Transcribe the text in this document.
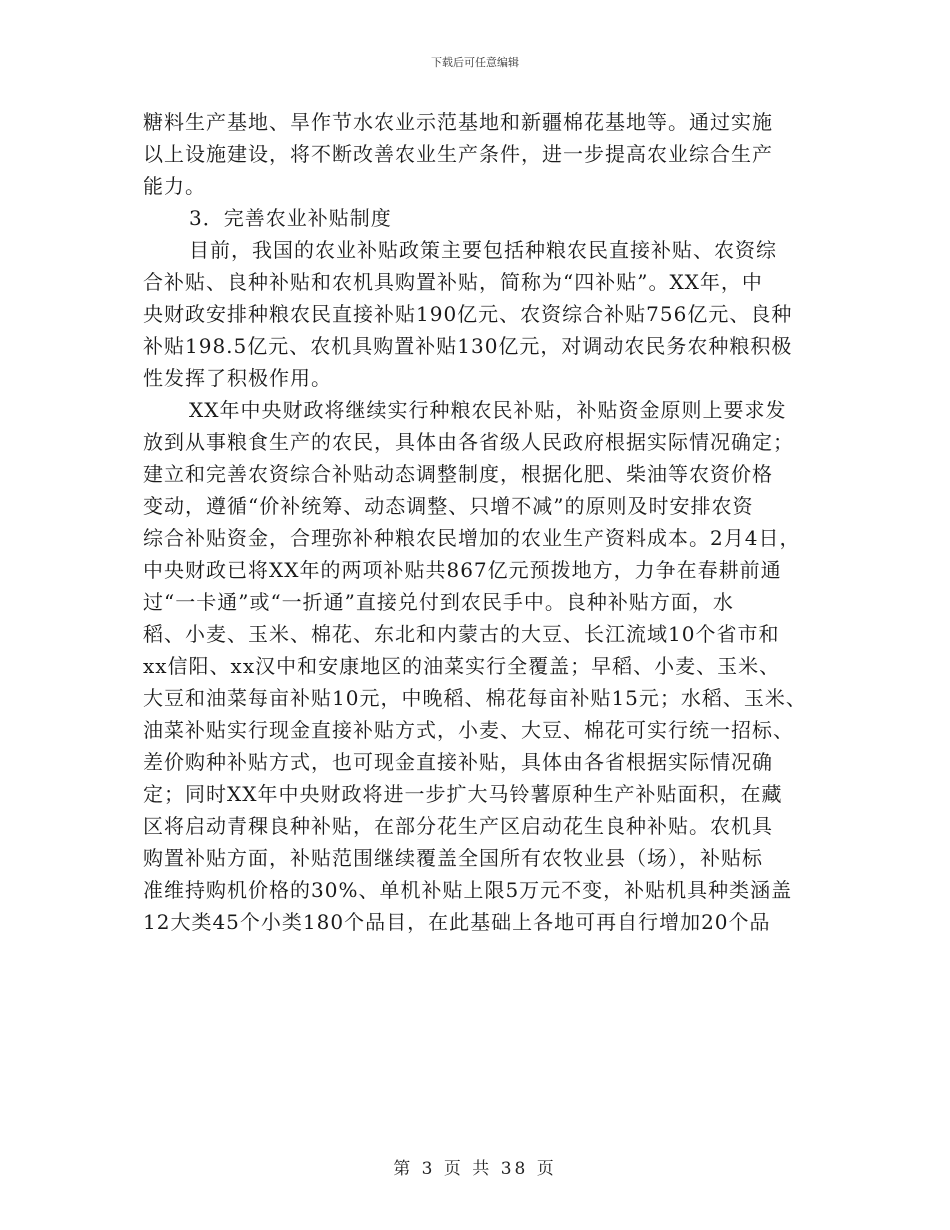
下载后可任意编辑
糖料生产基地、旱作节水农业示范基地和新疆棉花基地等。通过实施
以上设施建设，将不断改善农业生产条件，进一步提高农业综合生产
能力。
3．完善农业补贴制度
目前，我国的农业补贴政策主要包括种粮农民直接补贴、农资综
合补贴、良种补贴和农机具购置补贴，简称为“四补贴”。XX年，中
央财政安排种粮农民直接补贴190亿元、农资综合补贴756亿元、良种
补贴198.5亿元、农机具购置补贴130亿元，对调动农民务农种粮积极
性发挥了积极作用。
XX年中央财政将继续实行种粮农民补贴，补贴资金原则上要求发
放到从事粮食生产的农民，具体由各省级人民政府根据实际情况确定；
建立和完善农资综合补贴动态调整制度，根据化肥、柴油等农资价格
变动，遵循“价补统筹、动态调整、只增不减”的原则及时安排农资
综合补贴资金，合理弥补种粮农民增加的农业生产资料成本。2月4日，
中央财政已将XX年的两项补贴共867亿元预拨地方，力争在春耕前通
过“一卡通”或“一折通”直接兑付到农民手中。良种补贴方面，水
稻、小麦、玉米、棉花、东北和内蒙古的大豆、长江流域10个省市和
xx信阳、xx汉中和安康地区的油菜实行全覆盖；早稻、小麦、玉米、
大豆和油菜每亩补贴10元，中晚稻、棉花每亩补贴15元；水稻、玉米、
油菜补贴实行现金直接补贴方式，小麦、大豆、棉花可实行统一招标、
差价购种补贴方式，也可现金直接补贴，具体由各省根据实际情况确
定；同时XX年中央财政将进一步扩大马铃薯原种生产补贴面积，在藏
区将启动青稞良种补贴，在部分花生产区启动花生良种补贴。农机具
购置补贴方面，补贴范围继续覆盖全国所有农牧业县（场），补贴标
准维持购机价格的30%、单机补贴上限5万元不变，补贴机具种类涵盖
12大类45个小类180个品目，在此基础上各地可再自行增加20个品
第 3 页 共 38 页
